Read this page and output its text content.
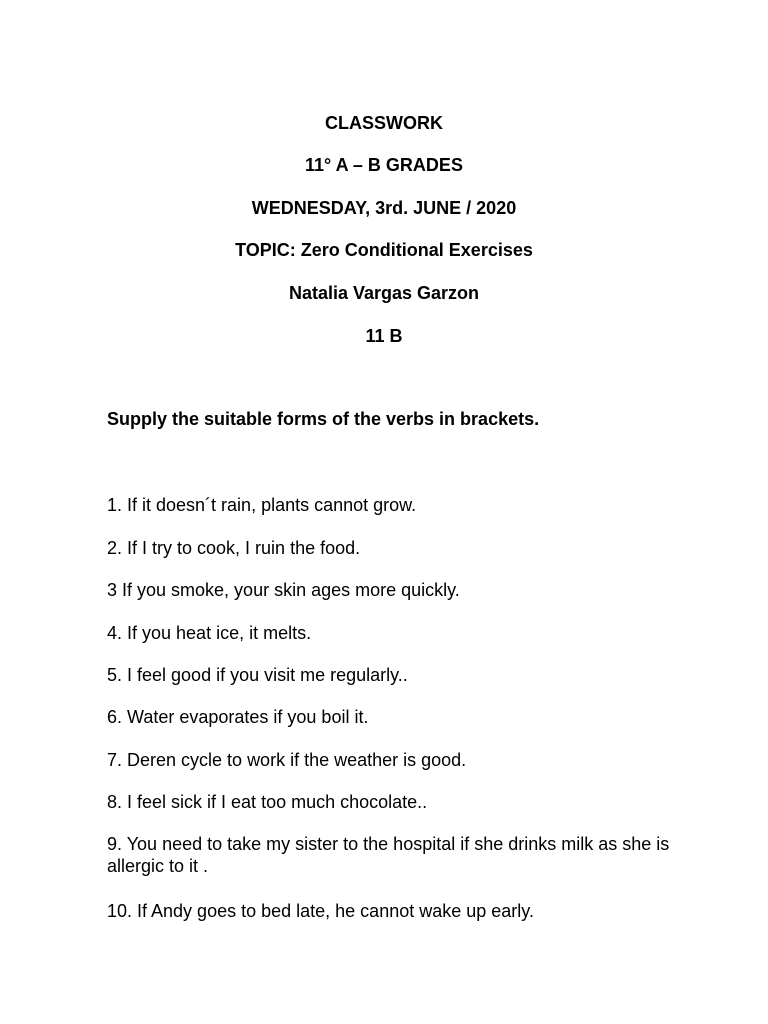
CLASSWORK
11° A – B GRADES
WEDNESDAY, 3rd. JUNE / 2020
TOPIC: Zero Conditional Exercises
Natalia Vargas Garzon
11 B
Supply the suitable forms of the verbs in brackets.
1. If it doesn´t rain, plants cannot grow.
2. If I try to cook, I ruin the food.
3 If you smoke, your skin ages more quickly.
4. If you heat ice, it melts.
5. I feel good if you visit me regularly..
6. Water evaporates if you boil it.
7. Deren cycle to work if the weather is good.
8. I feel sick if I eat too much chocolate..
9. You need to take my sister to the hospital if she drinks milk as she is allergic to it .
10. If Andy goes to bed late, he cannot wake up early.
